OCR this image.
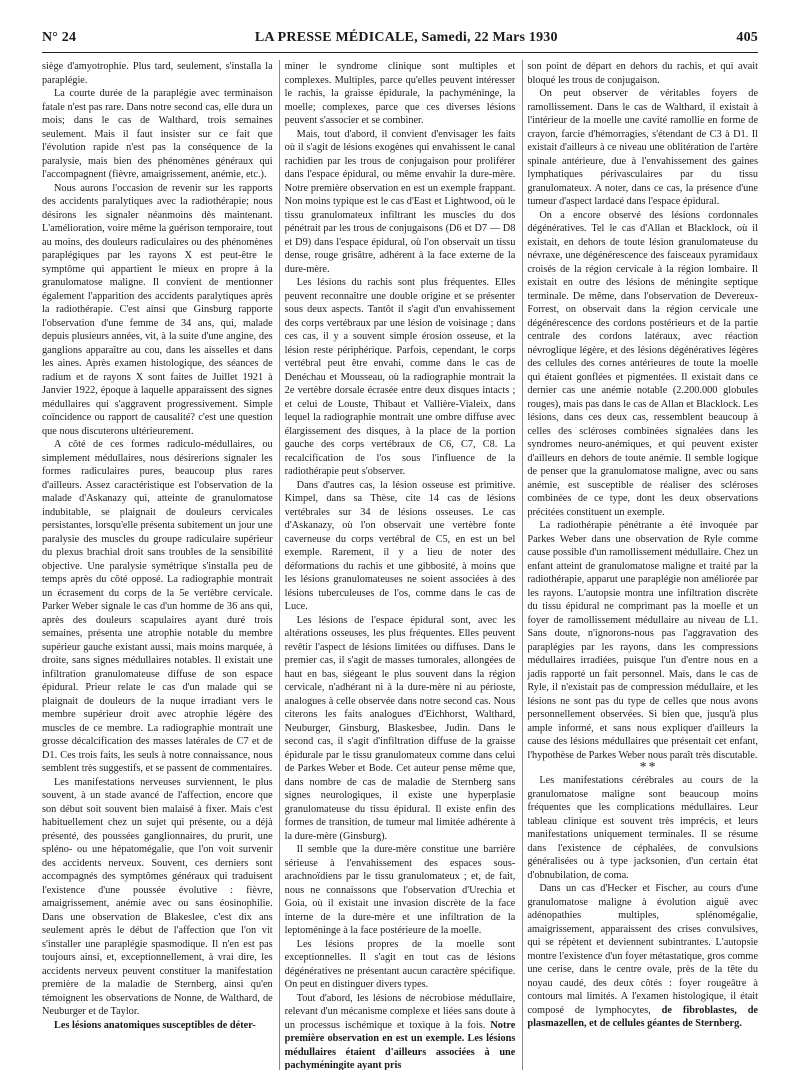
N° 24	LA PRESSE MÉDICALE, Samedi, 22 Mars 1930	405

siège d'amyotrophie. Plus tard, seulement, s'installa la paraplégie.

La courte durée de la paraplégie avec terminaison fatale n'est pas rare. Dans notre second cas, elle dura un mois; dans le cas de Walthard, trois semaines seulement. Mais il faut insister sur ce fait que l'évolution rapide n'est pas la conséquence de la paralysie, mais bien des phénomènes généraux qui l'accompagnent (fièvre, amaigrissement, anémie, etc.).

Nous aurons l'occasion de revenir sur les rapports des accidents paralytiques avec la radiothérapie; nous désirons les signaler néanmoins dès maintenant. L'amélioration, voire même la guérison temporaire, tout au moins, des douleurs radiculaires ou des phénomènes paraplégiques par les rayons X est peut-être le symptôme qui appartient le mieux en propre à la granulomatose maligne. Il convient de mentionner également l'apparition des accidents paralytiques après la radiothérapie. C'est ainsi que Ginsburg rapporte l'observation d'une femme de 34 ans, qui, malade depuis plusieurs années, vit, à la suite d'une angine, des ganglions apparaître au cou, dans les aisselles et dans les aines. Après examen histologique, des séances de radium et de rayons X sont faites de Juillet 1921 à Janvier 1922, époque à laquelle apparaissent des signes médullaires qui s'aggravent progressivement. Simple coïncidence ou rapport de causalité? c'est une question que nous discuterons ultérieurement.

A côté de ces formes radiculo-médullaires, ou simplement médullaires, nous désirerions signaler les formes radiculaires pures, beaucoup plus rares d'ailleurs. Assez caractéristique est l'observation de la malade d'Askanazy qui, atteinte de granulomatose indubitable, se plaignait de douleurs cervicales persistantes, lorsqu'elle présenta subitement un jour une paralysie des muscles du groupe radiculaire supérieur du plexus brachial droit sans troubles de la sensibilité objective. Une paralysie symétrique s'installa peu de temps après du côté opposé. La radiographie montrait un écrasement du corps de la 5e vertèbre cervicale. Parker Weber signale le cas d'un homme de 36 ans qui, après des douleurs scapulaires ayant duré trois semaines, présenta une atrophie notable du membre supérieur gauche existant aussi, mais moins marquée, à droite, sans signes médullaires notables. Il existait une infiltration granulomateuse diffuse de son espace épidural. Prieur relate le cas d'un malade qui se plaignait de douleurs de la nuque irradiant vers le membre supérieur droit avec atrophie légère des muscles de ce membre. La radiographie montrait une grosse décalcification des masses latérales de C7 et de D1. Ces trois faits, les seuls à notre connaissance, nous semblent très suggestifs, et se passent de commentaires.

Les manifestations nerveuses surviennent, le plus souvent, à un stade avancé de l'affection, encore que son début soit souvent bien malaisé à fixer. Mais c'est habituellement chez un sujet qui présente, ou a déjà présenté, des poussées ganglionnaires, du prurit, une spléno- ou une hépatomégalie, que l'on voit survenir des accidents nerveux. Souvent, ces derniers sont accompagnés des symptômes généraux qui traduisent l'existence d'une poussée évolutive : fièvre, amaigrissement, anémie avec ou sans éosinophilie. Dans une observation de Blakeslee, c'est dix ans seulement après le début de l'affection que l'on vit s'installer une paraplégie spasmodique. Il n'en est pas toujours ainsi, et, exceptionnellement, à vrai dire, les accidents nerveux peuvent constituer la manifestation première de la maladie de Sternberg, ainsi qu'en témoignent les observations de Nonne, de Walthard, de Neuburger et de Taylor.

Les lésions anatomiques susceptibles de déter-

miner le syndrome clinique sont multiples et complexes. Multiples, parce qu'elles peuvent intéresser le rachis, la graisse épidurale, la pachyméninge, la moelle; complexes, parce que ces diverses lésions peuvent s'associer et se combiner.

Mais, tout d'abord, il convient d'envisager les faits où il s'agit de lésions exogènes qui envahissent le canal rachidien par les trous de conjugaison pour proliférer dans l'espace épidural, ou même envahir la dure-mère. Notre première observation en est un exemple frappant. Non moins typique est le cas d'East et Lightwood, où le tissu granulomateux infiltrant les muscles du dos pénétrait par les trous de conjugaisons (D6 et D7 — D8 et D9) dans l'espace épidural, où l'on observait un tissu dense, rouge grisâtre, adhérent à la face externe de la dure-mère.

Les lésions du rachis sont plus fréquentes. Elles peuvent reconnaître une double origine et se présenter sous deux aspects. Tantôt il s'agit d'un envahissement des corps vertébraux par une lésion de voisinage ; dans ces cas, il y a souvent simple érosion osseuse, et la lésion reste périphérique. Parfois, cependant, le corps vertébral peut être envahi, comme dans le cas de Denéchau et Mousseau, où la radiographie montrait la 2e vertèbre dorsale écrasée entre deux disques intacts ; et celui de Louste, Thibaut et Vallière-Vialeix, dans lequel la radiographie montrait une ombre diffuse avec élargissement des disques, à la place de la portion gauche des corps vertébraux de C6, C7, C8. La recalcification de l'os sous l'influence de la radiothérapie peut s'observer.

Dans d'autres cas, la lésion osseuse est primitive. Kimpel, dans sa Thèse, cite 14 cas de lésions vertébrales sur 34 de lésions osseuses. Le cas d'Askanazy, où l'on observait une vertèbre fonte caverneuse du corps vertébral de C5, en est un bel exemple. Rarement, il y a lieu de noter des déformations du rachis et une gibbosité, à moins que les lésions granulomateuses ne soient associées à des lésions tuberculeuses de l'os, comme dans le cas de Luce.

Les lésions de l'espace épidural sont, avec les altérations osseuses, les plus fréquentes. Elles peuvent revêtir l'aspect de lésions limitées ou diffuses. Dans le premier cas, il s'agit de masses tumorales, allongées de haut en bas, siégeant le plus souvent dans la région cervicale, n'adhérant ni à la dure-mère ni au périoste, analogues à celle observée dans notre second cas. Nous citerons les faits analogues d'Eichhorst, Walthard, Neuburger, Ginsburg, Blaskesbee, Judin. Dans le second cas, il s'agit d'infiltration diffuse de la graisse épidurale par le tissu granulomateux comme dans celui de Parkes Weber et Bode. Cet auteur pense même que, dans nombre de cas de maladie de Sternberg sans signes neurologiques, il existe une hyperplasie granulomateuse du tissu épidural. Il existe enfin des formes de transition, de tumeur mal limitée adhérente à la dure-mère (Ginsburg).

Il semble que la dure-mère constitue une barrière sérieuse à l'envahissement des espaces sous-arachnoïdiens par le tissu granulomateux ; et, de fait, nous ne connaissons que l'observation d'Urechia et Goia, où il existait une invasion discrète de la face interne de la dure-mère et une infiltration de la leptoméninge à la face postérieure de la moelle.

Les lésions propres de la moelle sont exceptionnelles. Il s'agit en tout cas de lésions dégénératives ne présentant aucun caractère spécifique. On peut en distinguer divers types.

Tout d'abord, les lésions de nécrobiose médullaire, relevant d'un mécanisme complexe et liées sans doute à un processus ischémique et toxique à la fois. Notre première observation en est un exemple. Les lésions médullaires étaient d'ailleurs associées à une pachyméningite ayant pris

son point de départ en dehors du rachis, et qui avait bloqué les trous de conjugaison.

On peut observer de véritables foyers de ramollissement. Dans le cas de Walthard, il existait à l'intérieur de la moelle une cavité ramollie en forme de crayon, farcie d'hémorragies, s'étendant de C3 à D1. Il existait d'ailleurs à ce niveau une oblitération de l'artère spinale antérieure, due à l'envahissement des gaines lymphatiques périvasculaires par du tissu granulomateux. A noter, dans ce cas, la présence d'une tumeur d'aspect lardacé dans l'espace épidural.

On a encore observé des lésions cordonnales dégénératives. Tel le cas d'Allan et Blacklock, où il existait, en dehors de toute lésion granulomateuse du névraxe, une dégénérescence des faisceaux pyramidaux croisés de la région cervicale à la région lombaire. Il existait en outre des lésions de méningite septique terminale. De même, dans l'observation de Devereux-Forrest, on observait dans la région cervicale une dégénérescence des cordons postérieurs et de la partie centrale des cordons latéraux, avec réaction névroglique légère, et des lésions dégénératives légères des cellules des cornes antérieures de toute la moelle qui étaient gonflées et pigmentées. Il existait dans ce dernier cas une anémie notable (2.200.000 globules rouges), mais pas dans le cas de Allan et Blacklock. Les lésions, dans ces deux cas, ressemblent beaucoup à celles des scléroses combinées signalées dans les syndromes neuro-anémiques, et qui peuvent exister d'ailleurs en dehors de toute anémie. Il semble logique de penser que la granulomatose maligne, avec ou sans anémie, est susceptible de réaliser des scléroses combinées de ce type, dont les deux observations précitées constituent un exemple.

La radiothérapie pénétrante a été invoquée par Parkes Weber dans une observation de Ryle comme cause possible d'un ramollissement médullaire. Chez un enfant atteint de granulomatose maligne et traité par la radiothérapie, apparut une paraplégie non améliorée par les rayons. L'autopsie montra une infiltration discrète du tissu épidural ne comprimant pas la moelle et un foyer de ramollissement médullaire au niveau de L1. Sans doute, n'ignorons-nous pas l'aggravation des paraplégies par les rayons, dans les compressions médullaires irradiées, puisque l'un d'entre nous en a jadis rapporté un fait personnel. Mais, dans le cas de Ryle, il n'existait pas de compression médullaire, et les lésions ne sont pas du type de celles que nous avons personnellement observées. Si bien que, jusqu'à plus ample informé, et sans nous expliquer d'ailleurs la cause des lésions médullaires que présentait cet enfant, l'hypothèse de Parkes Weber nous paraît très discutable.

**

Les manifestations cérébrales au cours de la granulomatose maligne sont beaucoup moins fréquentes que les complications médullaires. Leur tableau clinique est souvent très imprécis, et leurs manifestations uniquement terminales. Il se résume dans l'existence de céphalées, de convulsions généralisées ou à type jacksonien, d'un certain état d'obnubilation, de coma.

Dans un cas d'Hecker et Fischer, au cours d'une granulomatose maligne à évolution aiguë avec adénopathies multiples, splénomégalie, amaigrissement, apparaissent des crises convulsives, qui se répètent et deviennent subintrantes. L'autopsie montre l'existence d'un foyer métastatique, gros comme une cerise, dans le centre ovale, près de la tête du noyau caudé, des deux côtés : foyer rougeâtre à contours mal limités. A l'examen histologique, il était composé de lymphocytes, de fibroblastes, de plasmazellen, et de cellules géantes de Sternberg.
